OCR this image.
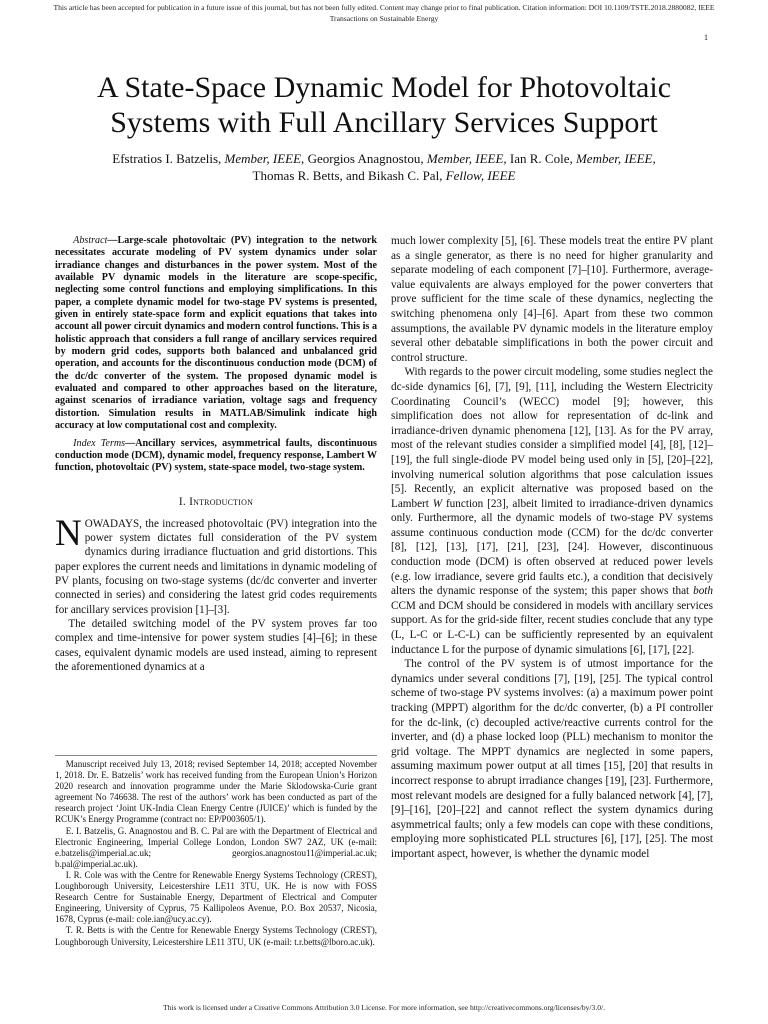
This article has been accepted for publication in a future issue of this journal, but has not been fully edited. Content may change prior to final publication. Citation information: DOI 10.1109/TSTE.2018.2880082, IEEE
Transactions on Sustainable Energy
1
A State-Space Dynamic Model for Photovoltaic
Systems with Full Ancillary Services Support
Efstratios I. Batzelis, Member, IEEE, Georgios Anagnostou, Member, IEEE, Ian R. Cole, Member, IEEE,
Thomas R. Betts, and Bikash C. Pal, Fellow, IEEE

Abstract—Large-scale photovoltaic (PV) integration to the network necessitates accurate modeling of PV system dynamics under solar irradiance changes and disturbances in the power system. Most of the available PV dynamic models in the literature are scope-specific, neglecting some control functions and employing simplifications. In this paper, a complete dynamic model for two-stage PV systems is presented, given in entirely state-space form and explicit equations that takes into account all power circuit dynamics and modern control functions. This is a holistic approach that considers a full range of ancillary services required by modern grid codes, supports both balanced and unbalanced grid operation, and accounts for the discontinuous conduction mode (DCM) of the dc/dc converter of the system. The proposed dynamic model is evaluated and compared to other approaches based on the literature, against scenarios of irradiance variation, voltage sags and frequency distortion. Simulation results in MATLAB/Simulink indicate high accuracy at low computational cost and complexity.

Index Terms—Ancillary services, asymmetrical faults, discontinuous conduction mode (DCM), dynamic model, frequency response, Lambert W function, photovoltaic (PV) system, state-space model, two-stage system.

I. Introduction

NOWADAYS, the increased photovoltaic (PV) integration into the power system dictates full consideration of the PV system dynamics during irradiance fluctuation and grid distortions. This paper explores the current needs and limitations in dynamic modeling of PV plants, focusing on two-stage systems (dc/dc converter and inverter connected in series) and considering the latest grid codes requirements for ancillary services provision [1]–[3].

The detailed switching model of the PV system proves far too complex and time-intensive for power system studies [4]–[6]; in these cases, equivalent dynamic models are used instead, aiming to represent the aforementioned dynamics at a

Manuscript received July 13, 2018; revised September 14, 2018; accepted November 1, 2018. Dr. E. Batzelis’ work has received funding from the European Union’s Horizon 2020 research and innovation programme under the Marie Sklodowska-Curie grant agreement No 746638. The rest of the authors’ work has been conducted as part of the research project ‘Joint UK-India Clean Energy Centre (JUICE)’ which is funded by the RCUK’s Energy Programme (contract no: EP/P003605/1).

E. I. Batzelis, G. Anagnostou and B. C. Pal are with the Department of Electrical and Electronic Engineering, Imperial College London, London SW7 2AZ, UK (e-mail: e.batzelis@imperial.ac.uk; georgios.anagnostou11@imperial.ac.uk; b.pal@imperial.ac.uk).

I. R. Cole was with the Centre for Renewable Energy Systems Technology (CREST), Loughborough University, Leicestershire LE11 3TU, UK. He is now with FOSS Research Centre for Sustainable Energy, Department of Electrical and Computer Engineering, University of Cyprus, 75 Kallipoleos Avenue, P.O. Box 20537, Nicosia, 1678, Cyprus (e-mail: cole.ian@ucy.ac.cy).

T. R. Betts is with the Centre for Renewable Energy Systems Technology (CREST), Loughborough University, Leicestershire LE11 3TU, UK (e-mail: t.r.betts@lboro.ac.uk).

much lower complexity [5], [6]. These models treat the entire PV plant as a single generator, as there is no need for higher granularity and separate modeling of each component [7]–[10]. Furthermore, average-value equivalents are always employed for the power converters that prove sufficient for the time scale of these dynamics, neglecting the switching phenomena only [4]–[6]. Apart from these two common assumptions, the available PV dynamic models in the literature employ several other debatable simplifications in both the power circuit and control structure.

With regards to the power circuit modeling, some studies neglect the dc-side dynamics [6], [7], [9], [11], including the Western Electricity Coordinating Council’s (WECC) model [9]; however, this simplification does not allow for representation of dc-link and irradiance-driven dynamic phenomena [12], [13]. As for the PV array, most of the relevant studies consider a simplified model [4], [8], [12]–[19], the full single-diode PV model being used only in [5], [20]–[22], involving numerical solution algorithms that pose calculation issues [5]. Recently, an explicit alternative was proposed based on the Lambert W function [23], albeit limited to irradiance-driven dynamics only. Furthermore, all the dynamic models of two-stage PV systems assume continuous conduction mode (CCM) for the dc/dc converter [8], [12], [13], [17], [21], [23], [24]. However, discontinuous conduction mode (DCM) is often observed at reduced power levels (e.g. low irradiance, severe grid faults etc.), a condition that decisively alters the dynamic response of the system; this paper shows that both CCM and DCM should be considered in models with ancillary services support. As for the grid-side filter, recent studies conclude that any type (L, L-C or L-C-L) can be sufficiently represented by an equivalent inductance L for the purpose of dynamic simulations [6], [17], [22].

The control of the PV system is of utmost importance for the dynamics under several conditions [7], [19], [25]. The typical control scheme of two-stage PV systems involves: (a) a maximum power point tracking (MPPT) algorithm for the dc/dc converter, (b) a PI controller for the dc-link, (c) decoupled active/reactive currents control for the inverter, and (d) a phase locked loop (PLL) mechanism to monitor the grid voltage. The MPPT dynamics are neglected in some papers, assuming maximum power output at all times [15], [20] that results in incorrect response to abrupt irradiance changes [19], [23]. Furthermore, most relevant models are designed for a fully balanced network [4], [7], [9]–[16], [20]–[22] and cannot reflect the system dynamics during asymmetrical faults; only a few models can cope with these conditions, employing more sophisticated PLL structures [6], [17], [25]. The most important aspect, however, is whether the dynamic model

This work is licensed under a Creative Commons Attribution 3.0 License. For more information, see http://creativecommons.org/licenses/by/3.0/.
